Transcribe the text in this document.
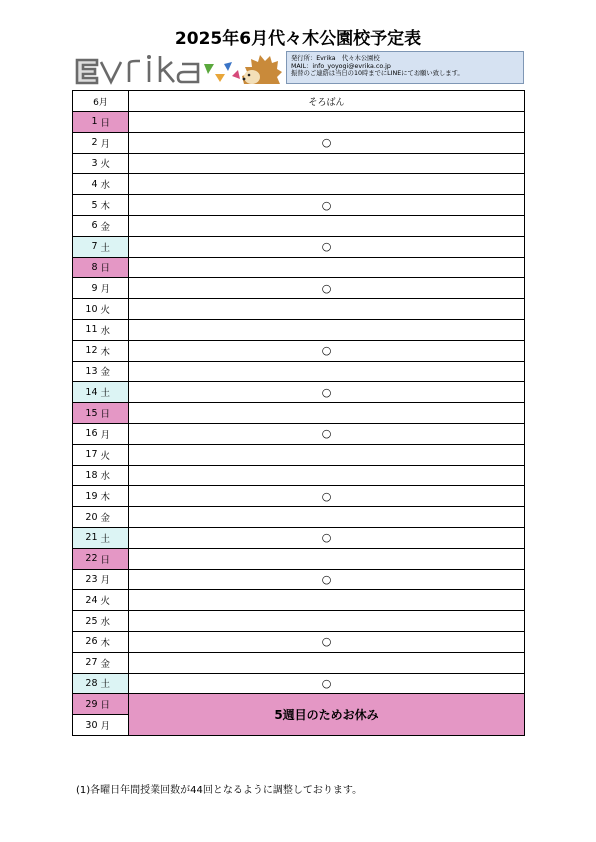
2025年6月代々木公園校予定表
発行所：Evrika　代々木公園校
MAIL：info_yoyogi@evrika.co.jp
振替のご連絡は当日の10時までにLINEにてお願い致します。
6月		そろばん
1	日	
2	月	○
3	火	
4	水	
5	木	○
6	金	
7	土	○
8	日	
9	月	○
10	火	
11	水	
12	木	○
13	金	
14	土	○
15	日	
16	月	○
17	火	
18	水	
19	木	○
20	金	
21	土	○
22	日	
23	月	○
24	火	
25	水	
26	木	○
27	金	
28	土	○
29	日	5週目のためお休み
30	月	
(1)各曜日年間授業回数が44回となるように調整しております。
